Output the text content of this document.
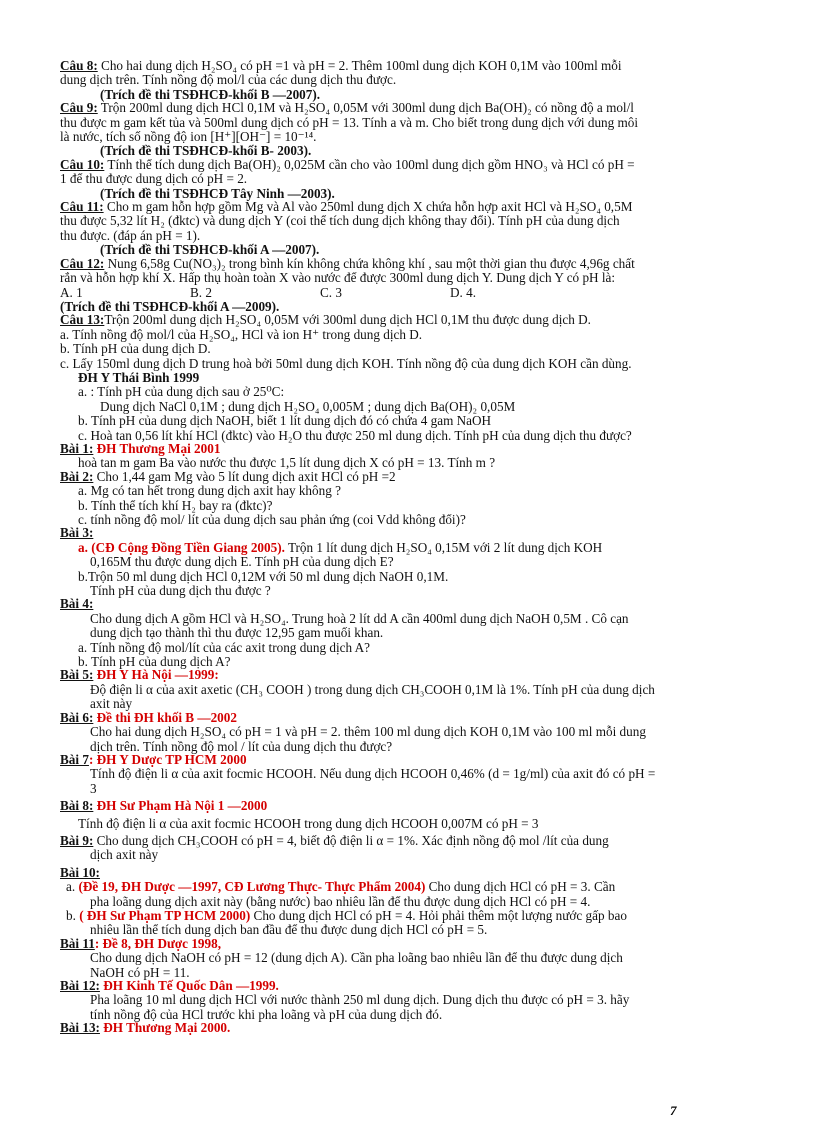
Câu 8: Cho hai dung dịch H₂SO₄ có pH =1 và pH = 2. Thêm 100ml dung dịch KOH 0,1M vào 100ml mỗi
dung dịch trên. Tính nồng độ mol/l của các dung dịch thu được.
(Trích đề thi TSĐHCĐ-khối B —2007).
Câu 9: Trộn 200ml dung dịch HCl 0,1M và H₂SO₄ 0,05M với 300ml dung dịch Ba(OH)₂ có nồng độ a mol/l
thu được m gam kết tủa và 500ml dung dịch có pH = 13. Tính a và m. Cho biết trong dung dịch với dung môi
là nước, tích số nồng độ ion [H⁺][OH⁻] = 10⁻¹⁴.
(Trích đề thi TSĐHCĐ-khối B- 2003).
Câu 10: Tính thể tích dung dịch Ba(OH)₂ 0,025M cần cho vào 100ml dung dịch gồm HNO₃ và HCl có pH =
1 để thu được dung dịch có pH = 2.
(Trích đề thi TSĐHCĐ Tây Ninh —2003).
Câu 11: Cho m gam hỗn hợp gồm Mg và Al vào 250ml dung dịch X chứa hỗn hợp axit HCl và H₂SO₄ 0,5M
thu được 5,32 lít H₂ (đktc) và dung dịch Y (coi thể tích dung dịch không thay đổi). Tính pH của dung dịch
thu được. (đáp án pH = 1).
(Trích đề thi TSĐHCĐ-khối A —2007).
Câu 12: Nung 6,58g Cu(NO₃)₂ trong bình kín không chứa không khí , sau một thời gian thu được 4,96g chất
rắn và hỗn hợp khí X. Hấp thụ hoàn toàn X vào nước để được 300ml dung dịch Y. Dung dịch Y có pH là:
A. 1	B. 2	C. 3	D. 4.
(Trích đề thi TSĐHCĐ-khối A —2009).
Câu 13:Trộn 200ml dung dịch H₂SO₄ 0,05M với 300ml dung dịch HCl 0,1M thu được dung dịch D.
a. Tính nồng độ mol/l của H₂SO₄, HCl và ion H⁺ trong dung dịch D.
b. Tính pH của dung dịch D.
c. Lấy 150ml dung dịch D trung hoà bởi 50ml dung dịch KOH. Tính nồng độ của dung dịch KOH cần dùng.
ĐH Y Thái Bình 1999
a. : Tính pH của dung dịch sau ở 25⁰C:
Dung dịch NaCl 0,1M ; dung dịch H₂SO₄ 0,005M ; dung dịch Ba(OH)₂ 0,05M
b. Tính pH của dung dịch NaOH, biết 1 lít dung dịch đó có chứa 4 gam NaOH
c. Hoà tan 0,56 lít khí HCl (đktc) vào H₂O thu được 250 ml dung dịch. Tính pH của dung dịch thu được?
Bài 1: ĐH Thương Mại 2001
hoà tan m gam Ba vào nước thu được 1,5 lít dung dịch X có pH = 13. Tính m ?
Bài 2: Cho 1,44 gam Mg vào 5 lít dung dịch axit HCl có pH =2
a. Mg có tan hết trong dung dịch axit hay không ?
b. Tính thể tích khí H₂ bay ra (đktc)?
c. tính nồng độ mol/ lít của dung dịch sau phản ứng (coi Vdd không đổi)?
Bài 3:
a. (CĐ Cộng Đồng Tiền Giang 2005). Trộn 1 lít dung dịch H₂SO₄ 0,15M với 2 lít dung dịch KOH
0,165M thu được dung dịch E. Tính pH của dung dịch E?
b.Trộn 50 ml dung dịch HCl 0,12M với 50 ml dung dịch NaOH 0,1M.
Tính pH của dung dịch thu được ?
Bài 4:
Cho dung dịch A gồm HCl và H₂SO₄. Trung hoà 2 lít dd A cần 400ml dung dịch NaOH 0,5M . Cô cạn
dung dịch tạo thành thì thu được 12,95 gam muối khan.
a. Tính nồng độ mol/lít của các axit trong dung dịch A?
b. Tính pH của dung dịch A?
Bài 5: ĐH Y Hà Nội —1999:
Độ điện li α của axit axetic (CH₃ COOH ) trong dung dịch CH₃COOH 0,1M là 1%. Tính pH của dung dịch
axit này
Bài 6: Đề thi ĐH khối B —2002
Cho hai dung dịch H₂SO₄ có pH = 1 và pH = 2. thêm 100 ml dung dịch KOH 0,1M vào 100 ml mỗi dung
dịch trên. Tính nồng độ mol / lít của dung dịch thu được?
Bài 7: ĐH Y Dược TP HCM 2000
Tính độ điện li α của axit focmic HCOOH. Nếu dung dịch HCOOH 0,46% (d = 1g/ml) của axit đó có pH =
3
Bài 8: ĐH Sư Phạm Hà Nội 1 —2000
Tính độ điện li α của axit focmic HCOOH trong dung dịch HCOOH 0,007M có pH = 3
Bài 9: Cho dung dịch CH₃COOH có pH = 4, biết độ điện li α = 1%. Xác định nồng độ mol /lít của dung
dịch axit này
Bài 10:
a. (Đề 19, ĐH Dược —1997, CĐ Lương Thực- Thực Phẩm 2004) Cho dung dịch HCl có pH = 3. Cần
pha loãng dung dịch axit này (bằng nước) bao nhiêu lần để thu được dung dịch HCl có pH = 4.
b. ( ĐH Sư Phạm TP HCM 2000) Cho dung dịch HCl có pH = 4. Hỏi phải thêm một lượng nước gấp bao
nhiêu lần thể tích dung dịch ban đầu để thu được dung dịch HCl có pH = 5.
Bài 11: Đề 8, ĐH Dược 1998,
Cho dung dịch NaOH có pH = 12 (dung dịch A). Cần pha loãng bao nhiêu lần để thu được dung dịch
NaOH có pH = 11.
Bài 12: ĐH Kinh Tế Quốc Dân —1999.
Pha loãng 10 ml dung dịch HCl với nước thành 250 ml dung dịch. Dung dịch thu được có pH = 3. hãy
tính nồng độ của HCl trước khi pha loãng và pH của dung dịch đó.
Bài 13: ĐH Thương Mại 2000.
7
